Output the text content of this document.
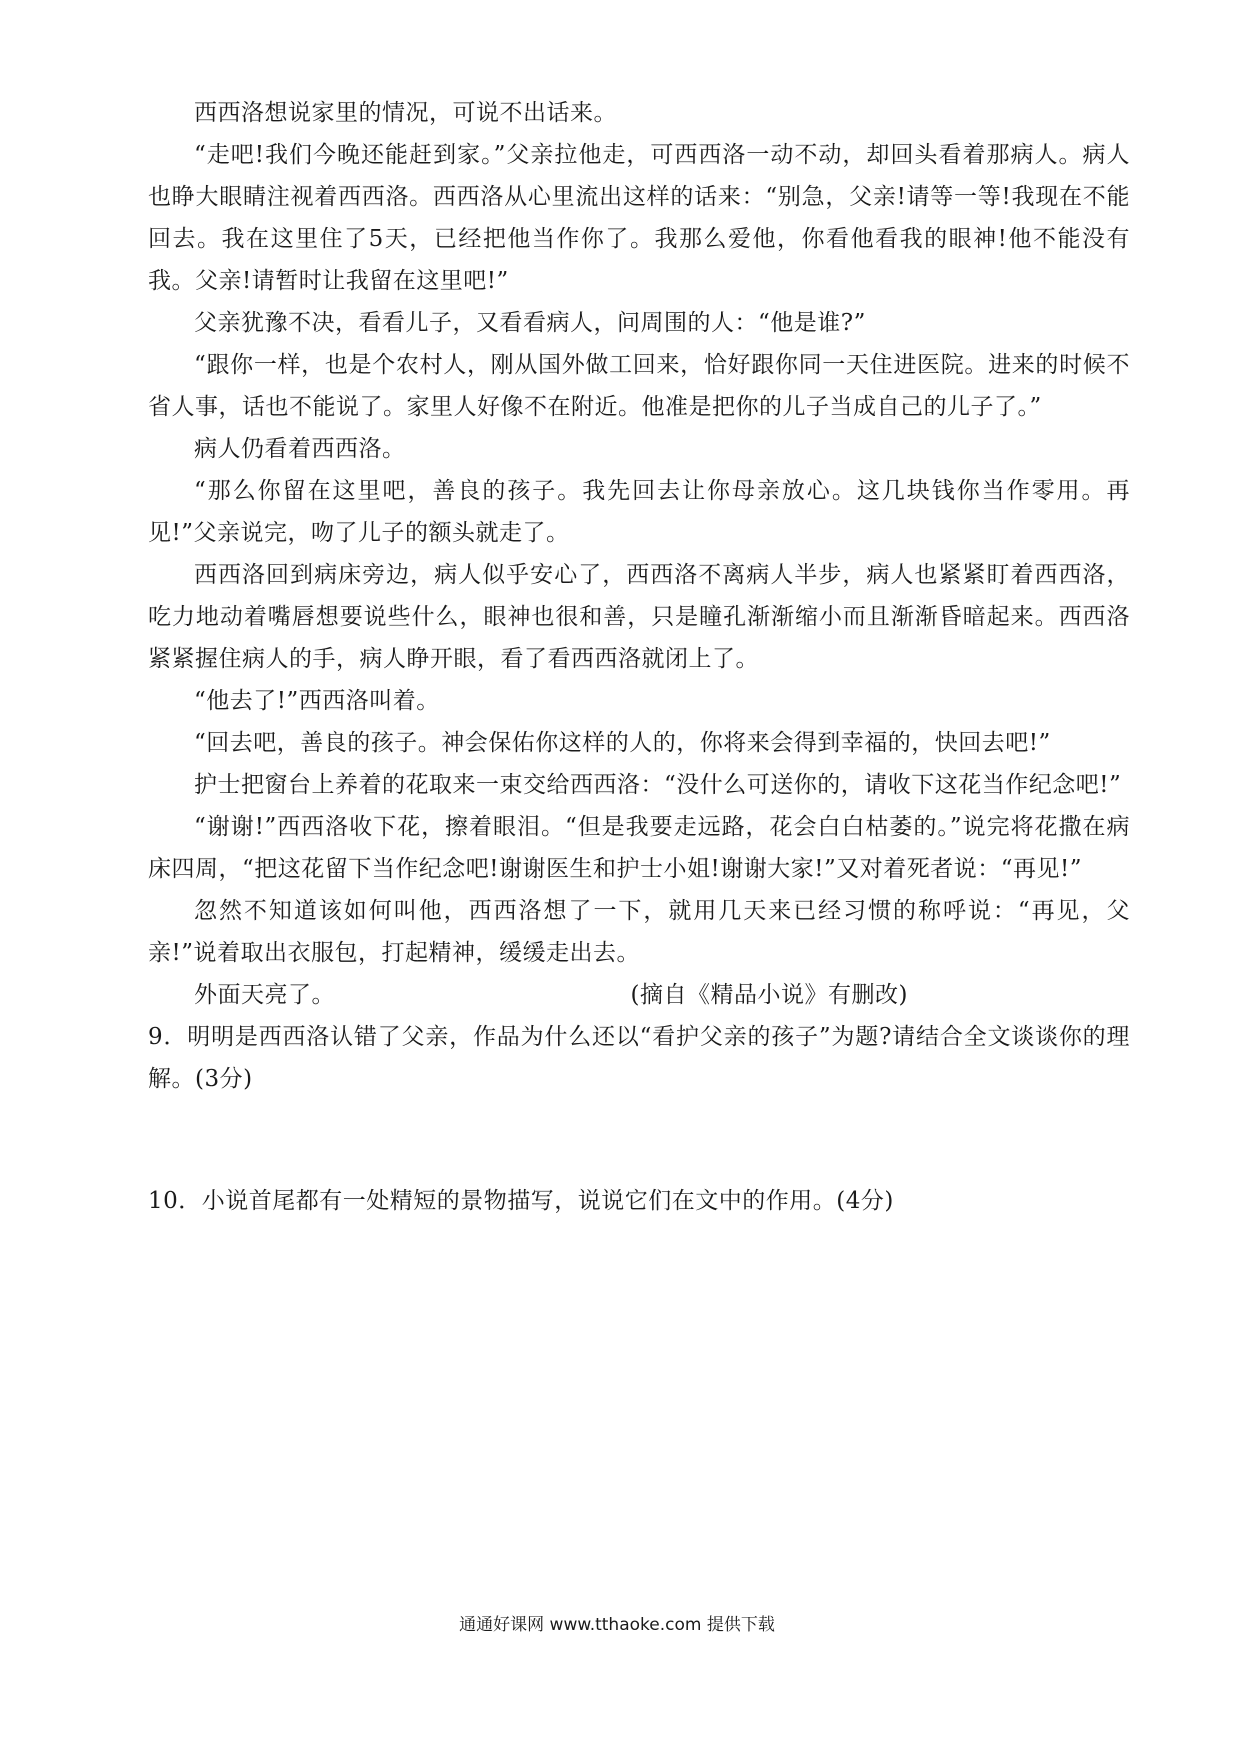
西西洛想说家里的情况，可说不出话来。

“走吧!我们今晚还能赶到家。”父亲拉他走，可西西洛一动不动，却回头看着那病人。病人也睁大眼睛注视着西西洛。西西洛从心里流出这样的话来：“别急，父亲!请等一等!我现在不能回去。我在这里住了5天，已经把他当作你了。我那么爱他，你看他看我的眼神!他不能没有我。父亲!请暂时让我留在这里吧!”

父亲犹豫不决，看看儿子，又看看病人，问周围的人：“他是谁?”

“跟你一样，也是个农村人，刚从国外做工回来，恰好跟你同一天住进医院。进来的时候不省人事，话也不能说了。家里人好像不在附近。他准是把你的儿子当成自己的儿子了。”

病人仍看着西西洛。

“那么你留在这里吧，善良的孩子。我先回去让你母亲放心。这几块钱你当作零用。再见!”父亲说完，吻了儿子的额头就走了。

西西洛回到病床旁边，病人似乎安心了，西西洛不离病人半步，病人也紧紧盯着西西洛，吃力地动着嘴唇想要说些什么，眼神也很和善，只是瞳孔渐渐缩小而且渐渐昏暗起来。西西洛紧紧握住病人的手，病人睁开眼，看了看西西洛就闭上了。

“他去了!”西西洛叫着。

“回去吧，善良的孩子。神会保佑你这样的人的，你将来会得到幸福的，快回去吧!”

护士把窗台上养着的花取来一束交给西西洛：“没什么可送你的，请收下这花当作纪念吧!”

“谢谢!”西西洛收下花，擦着眼泪。“但是我要走远路，花会白白枯萎的。”说完将花撒在病床四周，“把这花留下当作纪念吧!谢谢医生和护士小姐!谢谢大家!”又对着死者说：“再见!”

忽然不知道该如何叫他，西西洛想了一下，就用几天来已经习惯的称呼说：“再见，父亲!”说着取出衣服包，打起精神，缓缓走出去。

外面天亮了。	(摘自《精品小说》有删改)

9．明明是西西洛认错了父亲，作品为什么还以“看护父亲的孩子”为题?请结合全文谈谈你的理解。(3分)

10．小说首尾都有一处精短的景物描写，说说它们在文中的作用。(4分)

通通好课网 www.tthaoke.com 提供下载
